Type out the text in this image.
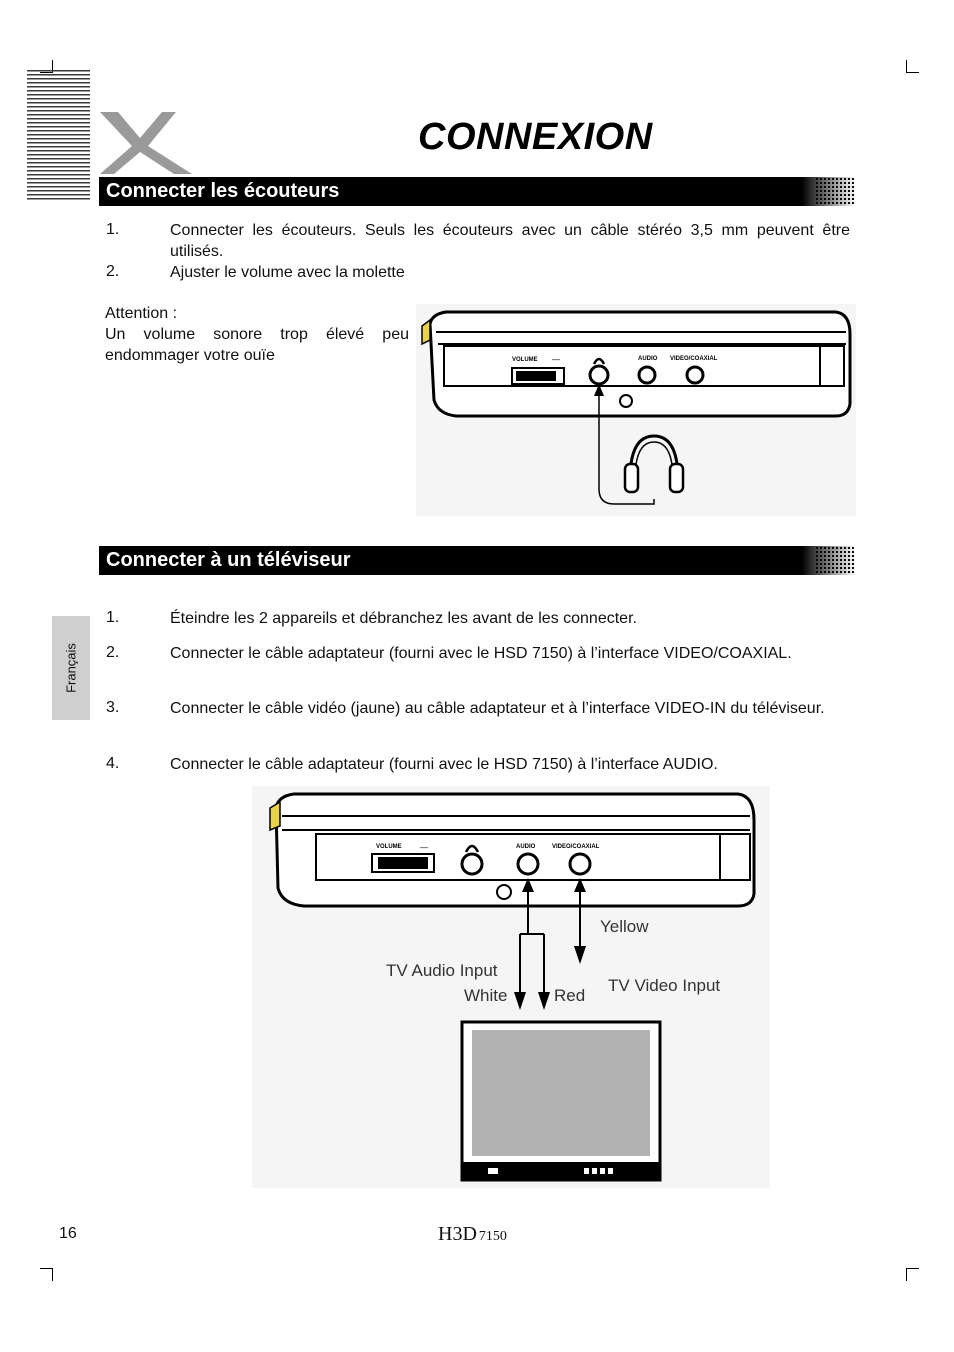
CONNEXION
Connecter les écouteurs
1.	Connecter les écouteurs. Seuls les écouteurs avec un câble stéréo 3,5 mm peuvent être utilisés.
2.	Ajuster le volume avec la molette
Attention :
Un volume sonore trop élevé peu endommager votre ouïe	VOLUME —	AUDIO VIDEO/COAXIAL
Connecter à un téléviseur
1.	Éteindre les 2 appareils et débranchez les avant de les connecter.
2.	Connecter le câble adaptateur (fourni avec le HSD 7150) à l’interface VIDEO/COAXIAL.
3.	Connecter le câble vidéo (jaune) au câble adaptateur et à l’interface VIDEO-IN du téléviseur.
4.	Connecter le câble adaptateur (fourni avec le HSD 7150) à l’interface AUDIO.
Français
VOLUME —	AUDIO	VIDEO/COAXIAL
Yellow
TV Audio Input
White	Red
TV Video Input
16	H3D 7150
